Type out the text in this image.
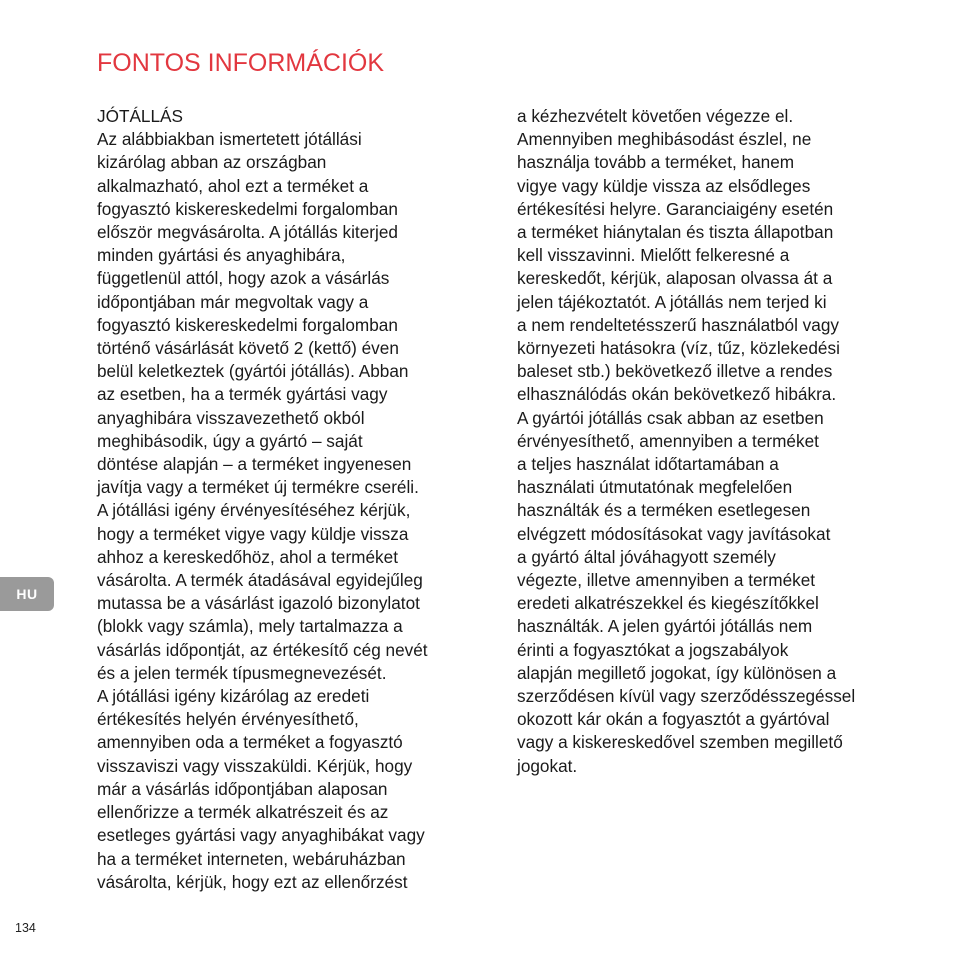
FONTOS INFORMÁCIÓK
JÓTÁLLÁS
Az alábbiakban ismertetett jótállási
kizárólag abban az országban
alkalmazható, ahol ezt a terméket a
fogyasztó kiskereskedelmi forgalomban
először megvásárolta. A jótállás kiterjed
minden gyártási és anyaghibára,
függetlenül attól, hogy azok a vásárlás
időpontjában már megvoltak vagy a
fogyasztó kiskereskedelmi forgalomban
történő vásárlását követő 2 (kettő) éven
belül keletkeztek (gyártói jótállás). Abban
az esetben, ha a termék gyártási vagy
anyaghibára visszavezethető okból
meghibásodik, úgy a gyártó – saját
döntése alapján – a terméket ingyenesen
javítja vagy a terméket új termékre cseréli.
A jótállási igény érvényesítéséhez kérjük,
hogy a terméket vigye vagy küldje vissza
ahhoz a kereskedőhöz, ahol a terméket
vásárolta. A termék átadásával egyidejűleg
mutassa be a vásárlást igazoló bizonylatot
(blokk vagy számla), mely tartalmazza a
vásárlás időpontját, az értékesítő cég nevét
és a jelen termék típusmegnevezését.
A jótállási igény kizárólag az eredeti
értékesítés helyén érvényesíthető,
amennyiben oda a terméket a fogyasztó
visszaviszi vagy visszaküldi. Kérjük, hogy
már a vásárlás időpontjában alaposan
ellenőrizze a termék alkatrészeit és az
esetleges gyártási vagy anyaghibákat vagy
ha a terméket interneten, webáruházban
vásárolta, kérjük, hogy ezt az ellenőrzést
a kézhezvételt követően végezze el.
Amennyiben meghibásodást észlel, ne
használja tovább a terméket, hanem
vigye vagy küldje vissza az elsődleges
értékesítési helyre. Garanciaigény esetén
a terméket hiánytalan és tiszta állapotban
kell visszavinni. Mielőtt felkeresné a
kereskedőt, kérjük, alaposan olvassa át a
jelen tájékoztatót. A jótállás nem terjed ki
a nem rendeltetésszerű használatból vagy
környezeti hatásokra (víz, tűz, közlekedési
baleset stb.) bekövetkező illetve a rendes
elhasználódás okán bekövetkező hibákra.
A gyártói jótállás csak abban az esetben
érvényesíthető, amennyiben a terméket
a teljes használat időtartamában a
használati útmutatónak megfelelően
használták és a terméken esetlegesen
elvégzett módosításokat vagy javításokat
a gyártó által jóváhagyott személy
végezte, illetve amennyiben a terméket
eredeti alkatrészekkel és kiegészítőkkel
használták. A jelen gyártói jótállás nem
érinti a fogyasztókat a jogszabályok
alapján megillető jogokat, így különösen a
szerződésen kívül vagy szerződésszegéssel
okozott kár okán a fogyasztót a gyártóval
vagy a kiskereskedővel szemben megillető
jogokat.
HU
134
